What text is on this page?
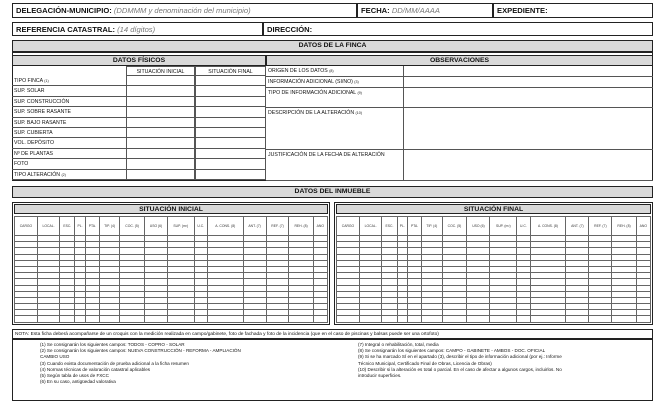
DELEGACIÓN-MUNICIPIO: (DDMMM y denominación del municipio)	FECHA: DD/MM/AAAA	EXPEDIENTE:
REFERENCIA CATASTRAL: (14 dígitos)	DIRECCIÓN:
DATOS DE LA FINCA
DATOS FÍSICOS	OBSERVACIONES
SITUACIÓN INICIAL	SITUACIÓN FINAL
TIPO FINCA $^{(1)}$
SUP. SOLAR
SUP. CONSTRUCCIÓN
SUP. SOBRE RASANTE
SUP. BAJO RASANTE
SUP. CUBIERTA
VOL. DEPÓSITO
Nº DE PLANTAS
FOTO
TIPO ALTERACIÓN $^{(2)}$
ORIGEN DE LOS DATOS $^{(8)}$
INFORMACIÓN ADICIONAL (SI/NO) $^{(3)}$
TIPO DE INFORMACIÓN ADICIONAL $^{(9)}$
DESCRIPCIÓN DE LA ALTERACIÓN $^{(10)}$
JUSTIFICACIÓN DE LA FECHA DE ALTERACIÓN
DATOS DEL INMUEBLE
SITUACIÓN INICIAL	SITUACIÓN FINAL
CARGO	LOCAL.	ESC.	PL.	PTA.	TIP. (4)	COC. (5)	USO (6)	SUP. (m²)	U.C.	A. CONS. (8)	ANT. (7)	REF. (7)	REH. (8)	ANO

															CARGO	LOCAL.	ESC.	PL.	PTA.	TIP. (4)	COC. (5)	USO (6)	SUP. (m²)	U.C.	A. CONS. (8)	ANT. (7)	REF. (7)	REH. (8)	ANO

NOTA: Esta ficha deberá acompañarse de un croquis con la medición realizada en campo/gabinete, foto de fachada y foto de la incidencia (que en el caso de piscinas y balsas puede ser una ortofoto)
(1) Se consignarán los siguientes campos: TODOS - COPRO - SOLAR
(2) Se consignarán los siguientes campos: NUEVA CONSTRUCCIÓN - REFORMA - AMPLIACIÓN
CAMBIO USO
(3) Cuando exista documentación de prueba adicional a la ficha resumen
(4) Normas técnicas de valoración catastral aplicables
(5) Según tabla de usos de FXCC
(6) En su caso, antigüedad valorativa
(7) Integral o rehabilitación, total, media
(8) Se consignarán los siguientes campos: CAMPO - GABINETE - AMBOS - DOC. OFICIAL
(9) Si se ha marcado SÍ en el apartado (3), describir el tipo de información adicional (por ej.: Informe
Técnico Municipal, Certificado Final de Obras, Licencia de Obras)
(10) Describir si la alteración es total o parcial. En el caso de afectar a algunos cargos, incluirlos. No
introducir superficies.
